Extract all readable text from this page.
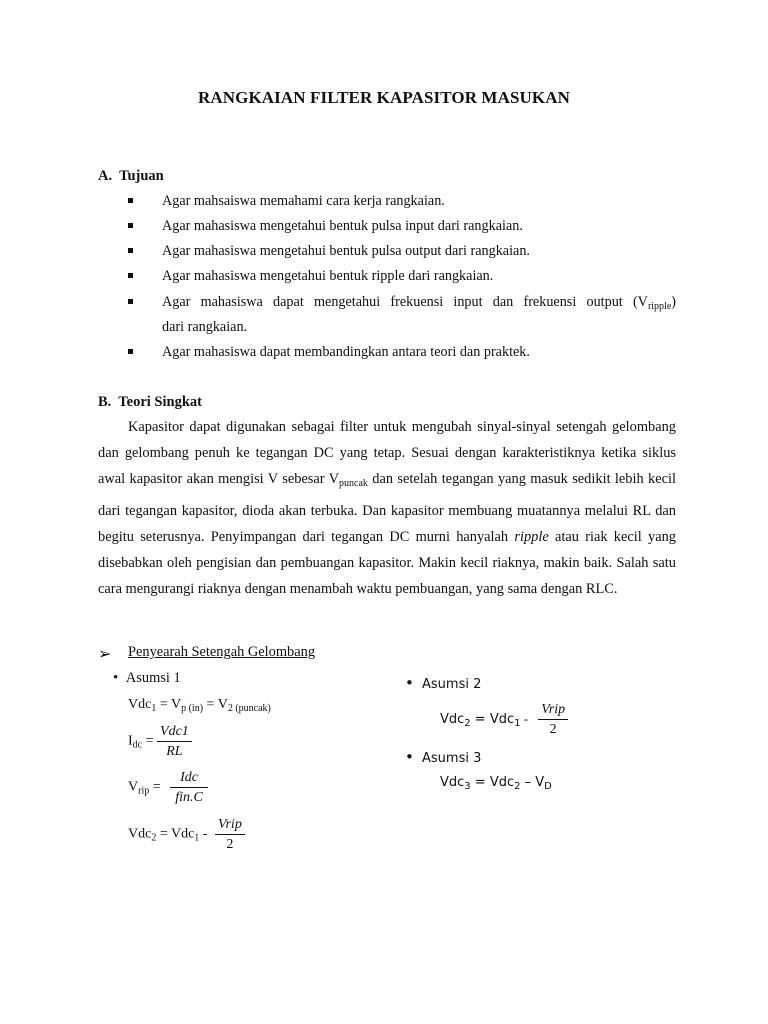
RANGKAIAN FILTER KAPASITOR MASUKAN
A. Tujuan
Agar mahsaiswa memahami cara kerja rangkaian.
Agar mahasiswa mengetahui bentuk pulsa input dari rangkaian.
Agar mahasiswa mengetahui bentuk pulsa output dari rangkaian.
Agar mahasiswa mengetahui bentuk ripple dari rangkaian.
Agar mahasiswa dapat mengetahui frekuensi input dan frekuensi output $(V_{ripple})$
dari rangkaian.
Agar mahasiswa dapat membandingkan antara teori dan praktek.
B. Teori Singkat

Kapasitor dapat digunakan sebagai filter untuk mengubah sinyal-sinyal setengah gelombang dan gelombang penuh ke tegangan DC yang tetap. Sesuai dengan karakteristiknya ketika siklus awal kapasitor akan mengisi V sebesar $V_{puncak}$ dan setelah tegangan yang masuk sedikit lebih kecil dari tegangan kapasitor, dioda akan terbuka. Dan kapasitor membuang muatannya melalui RL dan begitu seterusnya. Penyimpangan dari tegangan DC murni hanyalah ripple atau riak kecil yang disebabkan oleh pengisian dan pembuangan kapasitor. Makin kecil riaknya, makin baik. Salah satu cara mengurangi riaknya dengan menambah waktu pembuangan, yang sama dengan RLC.

➢ Penyearah Setengah Gelombang
• Asumsi 1
$Vdc_1 = V_{p (in)} = V_{2 (puncak)}$
$I_{dc} = \frac{\text{Vdc1}}{RL}$
$V_{rip} = \frac{\text{Idc}}{\text{fin.C}}$
$Vdc_2 = Vdc_1 - \frac{\text{Vrip}}{2}$
• Asumsi 2
$Vdc_2 = Vdc_1 - \frac{\text{Vrip}}{2}$
• Asumsi 3
$Vdc_3 = Vdc_2 - V_D$
